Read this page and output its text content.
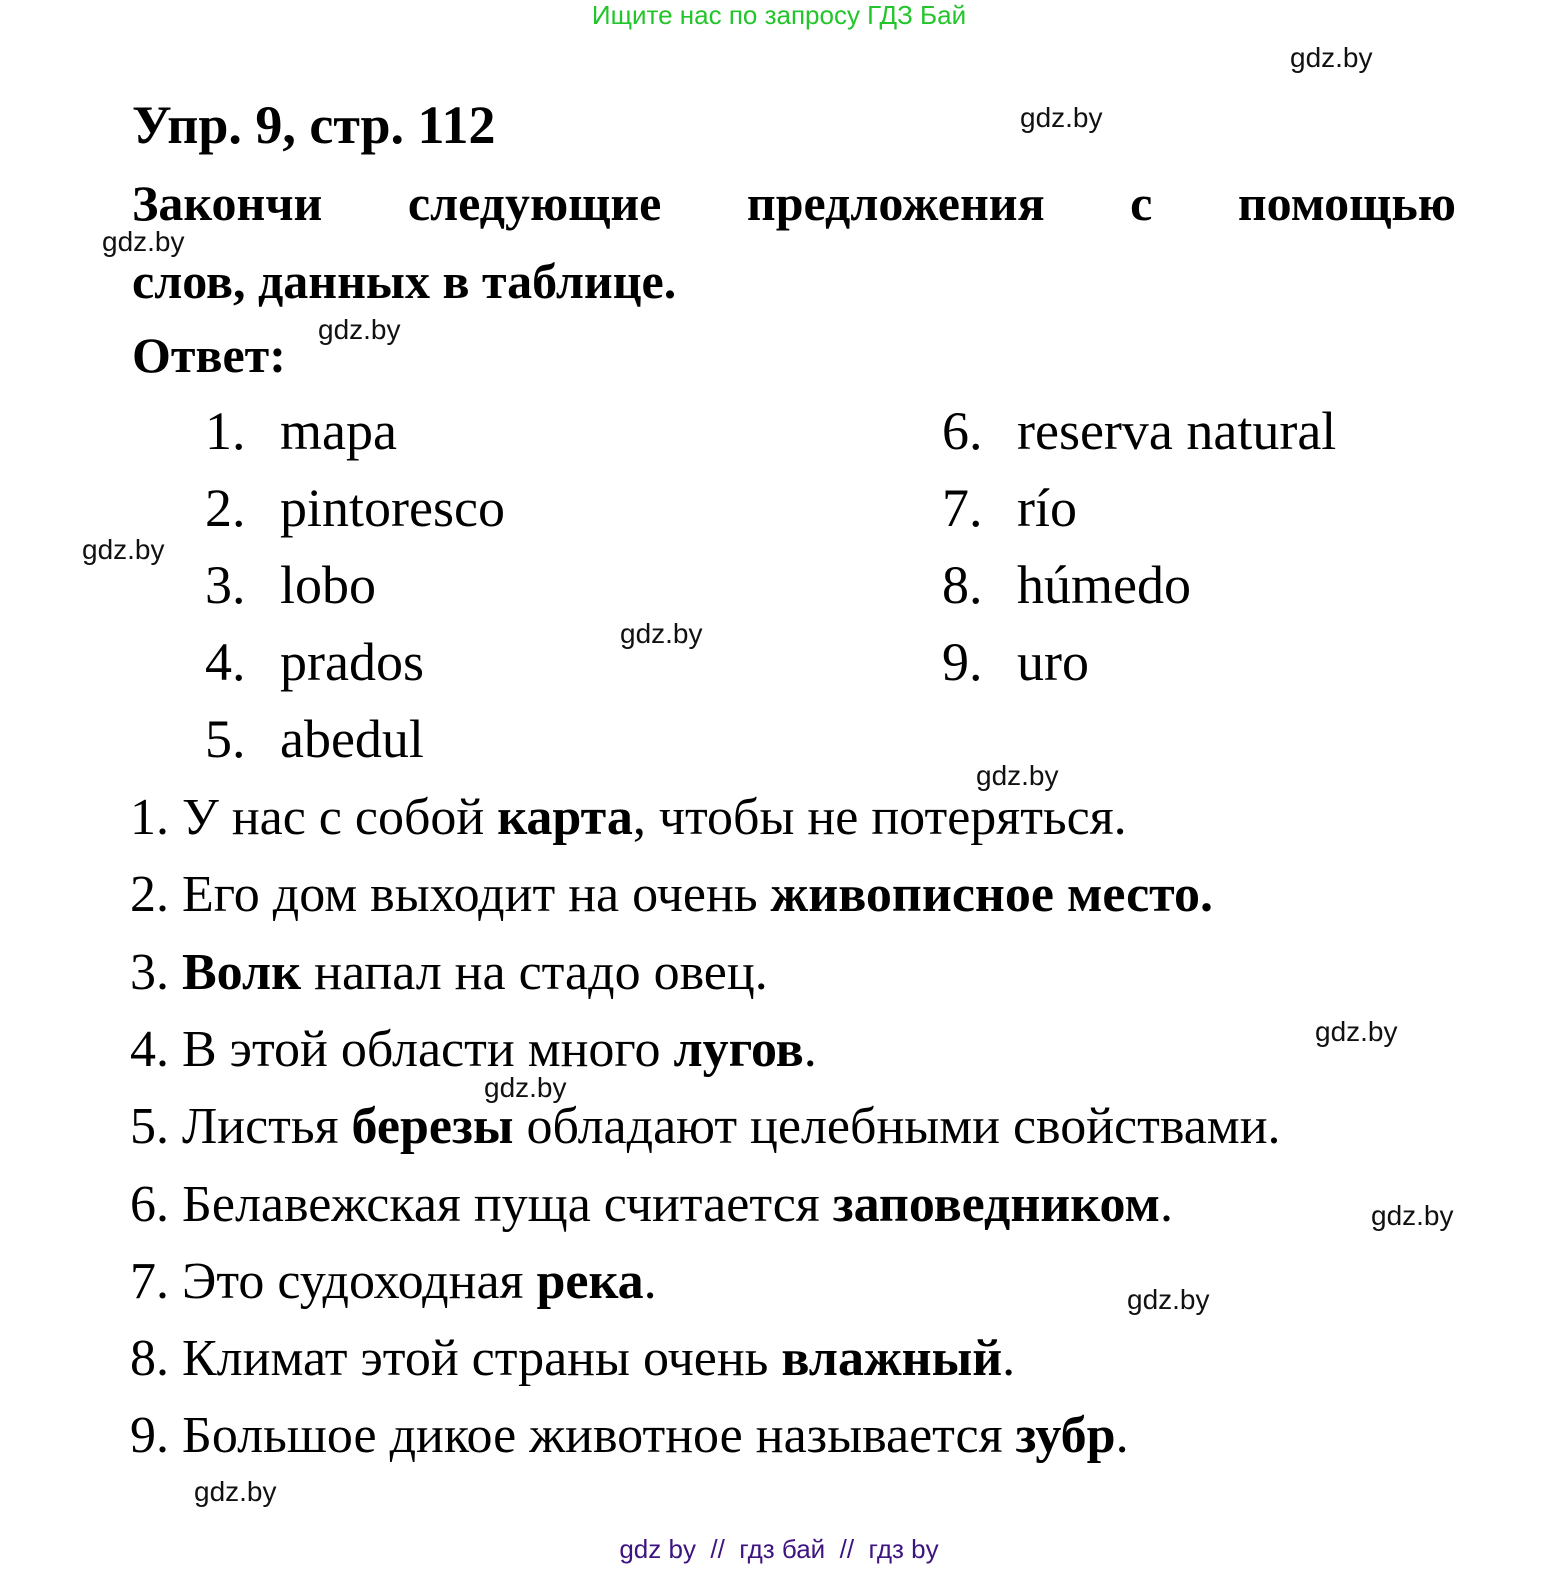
Ищите нас по запросу ГДЗ Бай
Упр. 9, стр. 112
Закончи следующие предложения с помощью
слов, данных в таблице.
Ответ:
1. mapa
2. pintoresco
3. lobo
4. prados
5. abedul
6. reserva natural
7. río
8. húmedo
9. uro
1. У нас с собой карта, чтобы не потеряться.
2. Его дом выходит на очень живописное место.
3. Волк напал на стадо овец.
4. В этой области много лугов.
5. Листья березы обладают целебными свойствами.
6. Белавежская пуща считается заповедником.
7. Это судоходная река.
8. Климат этой страны очень влажный.
9. Большое дикое животное называется зубр.
gdz.by
gdz.by
gdz.by
gdz.by
gdz.by
gdz.by
gdz.by
gdz.by
gdz.by
gdz.by
gdz.by
gdz.by
gdz by  //  гдз бай  //  гдз by
